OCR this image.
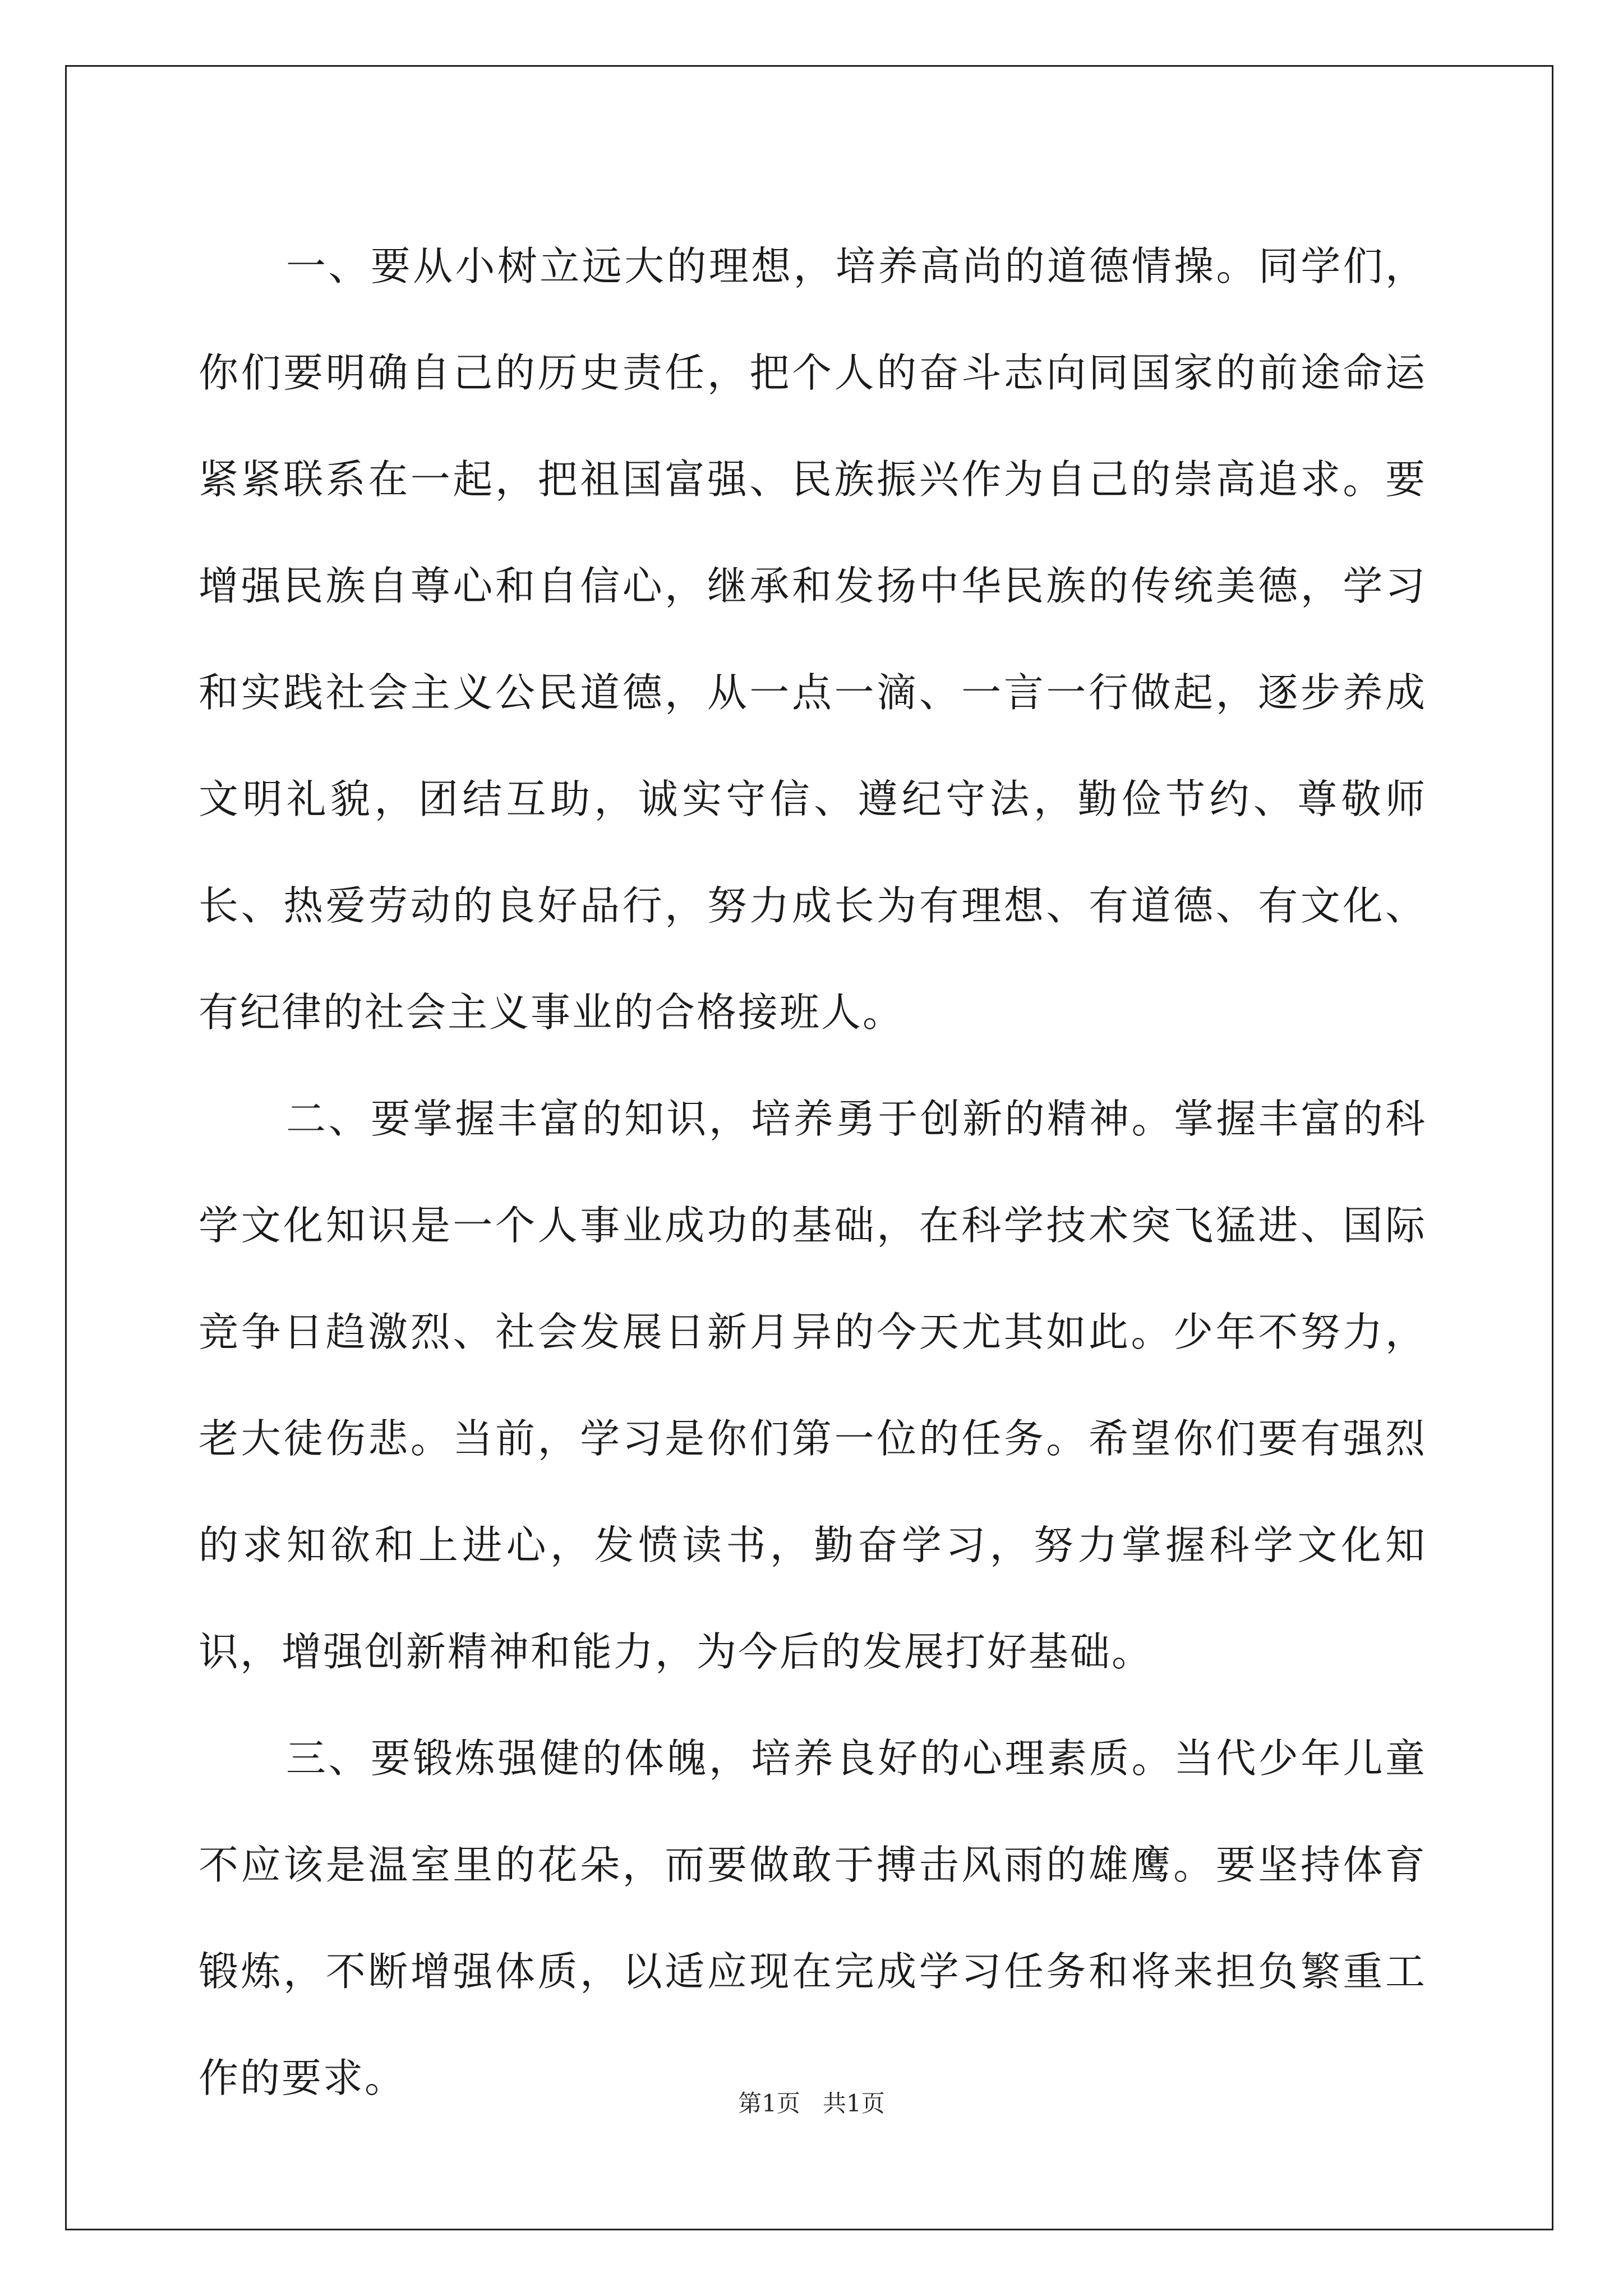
一、要从小树立远大的理想，培养高尚的道德情操。同学们，你们要明确自己的历史责任，把个人的奋斗志向同国家的前途命运紧紧联系在一起，把祖国富强、民族振兴作为自己的崇高追求。要增强民族自尊心和自信心，继承和发扬中华民族的传统美德，学习和实践社会主义公民道德，从一点一滴、一言一行做起，逐步养成文明礼貌，团结互助，诚实守信、遵纪守法，勤俭节约、尊敬师长、热爱劳动的良好品行，努力成长为有理想、有道德、有文化、有纪律的社会主义事业的合格接班人。

二、要掌握丰富的知识，培养勇于创新的精神。掌握丰富的科学文化知识是一个人事业成功的基础，在科学技术突飞猛进、国际竞争日趋激烈、社会发展日新月异的今天尤其如此。少年不努力，老大徒伤悲。当前，学习是你们第一位的任务。希望你们要有强烈的求知欲和上进心，发愤读书，勤奋学习，努力掌握科学文化知识，增强创新精神和能力，为今后的发展打好基础。

三、要锻炼强健的体魄，培养良好的心理素质。当代少年儿童不应该是温室里的花朵，而要做敢于搏击风雨的雄鹰。要坚持体育锻炼，不断增强体质，以适应现在完成学习任务和将来担负繁重工作的要求。

第1页   共1页
